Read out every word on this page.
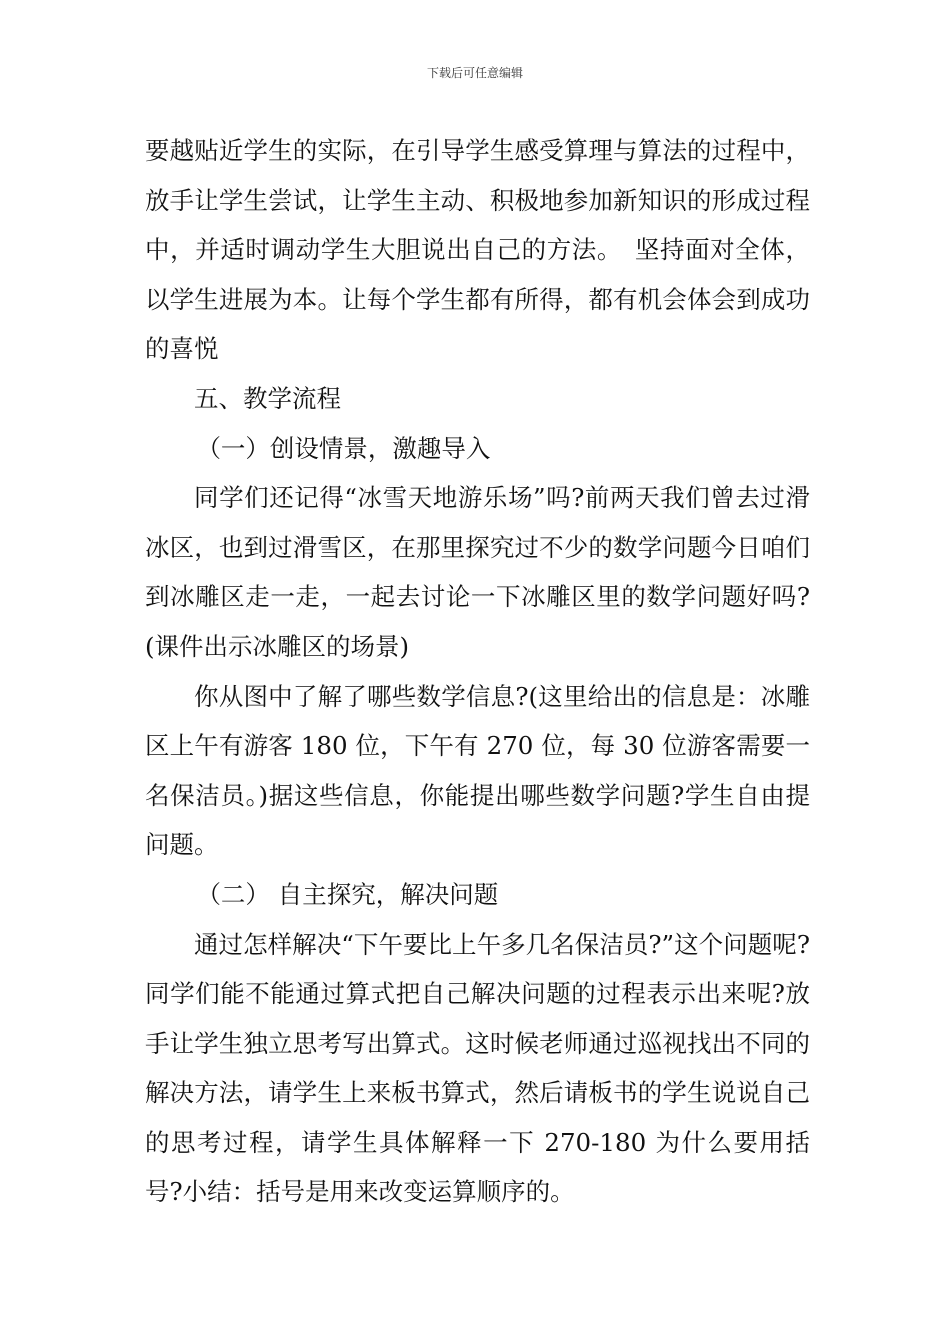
下载后可任意编辑

要越贴近学生的实际，在引导学生感受算理与算法的过程中，放手让学生尝试，让学生主动、积极地参加新知识的形成过程中，并适时调动学生大胆说出自己的方法。　坚持面对全体，以学生进展为本。让每个学生都有所得，都有机会体会到成功的喜悦

五、教学流程

（一）创设情景，激趣导入

同学们还记得“冰雪天地游乐场”吗?前两天我们曾去过滑冰区，也到过滑雪区，在那里探究过不少的数学问题今日咱们到冰雕区走一走，一起去讨论一下冰雕区里的数学问题好吗?(课件出示冰雕区的场景)

你从图中了解了哪些数学信息?(这里给出的信息是：冰雕区上午有游客 180 位，下午有 270 位，每 30 位游客需要一名保洁员。)据这些信息，你能提出哪些数学问题?学生自由提问题。

（二） 自主探究，解决问题

通过怎样解决“下午要比上午多几名保洁员?”这个问题呢?同学们能不能通过算式把自己解决问题的过程表示出来呢?放手让学生独立思考写出算式。这时候老师通过巡视找出不同的解决方法，请学生上来板书算式，然后请板书的学生说说自己的思考过程，请学生具体解释一下 270-180 为什么要用括号?小结：括号是用来改变运算顺序的。
